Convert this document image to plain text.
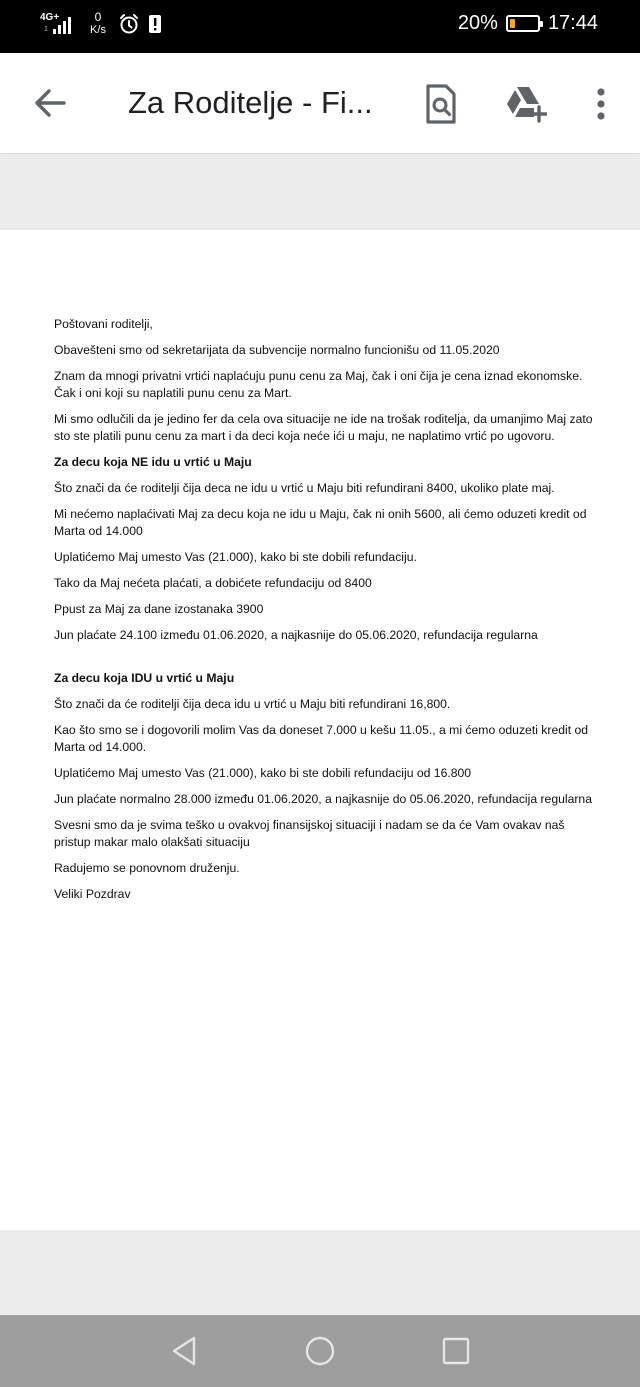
4G+
1
0
K/s	20%	17:44
Za Roditelje - Fi...

Poštovani roditelji,

Obavešteni smo od sekretarijata da subvencije normalno funcionišu od 11.05.2020

Znam da mnogi privatni vrtići naplaćuju punu cenu za Maj, čak i oni čija je cena iznad ekonomske. Čak i oni koji su naplatili punu cenu za Mart.

Mi smo odlučili da je jedino fer da cela ova situacije ne ide na trošak roditelja, da umanjimo Maj zato sto ste platili punu cenu za mart i da deci koja neće ići u maju, ne naplatimo vrtić po ugovoru.

Za decu koja NE idu u vrtić u Maju

Što znači da će roditelji čija deca ne idu u vrtić u Maju biti refundirani 8400, ukoliko plate maj.

Mi nećemo naplaćivati Maj za decu koja ne idu u Maju, čak ni onih 5600, ali ćemo oduzeti kredit od Marta od 14.000

Uplatićemo Maj umesto Vas (21.000), kako bi ste dobili refundaciju.

Tako da Maj nećeta plaćati, a dobićete refundaciju od 8400

Ppust za Maj za dane izostanaka 3900

Jun plaćate 24.100 između 01.06.2020, a najkasnije do 05.06.2020, refundacija regularna

Za decu koja IDU u vrtić u Maju

Što znači da će roditelji čija deca idu u vrtić u Maju biti refundirani 16,800.

Kao što smo se i dogovorili molim Vas da doneset 7.000 u kešu 11.05., a mi ćemo oduzeti kredit od Marta od 14.000.

Uplatićemo Maj umesto Vas (21.000), kako bi ste dobili refundaciju od 16.800

Jun plaćate normalno 28.000 između 01.06.2020, a najkasnije do 05.06.2020, refundacija regularna

Svesni smo da je svima teško u ovakvoj finansijskoj situaciji i nadam se da će Vam ovakav naš pristup makar malo olakšati situaciju

Radujemo se ponovnom druženju.

Veliki Pozdrav
